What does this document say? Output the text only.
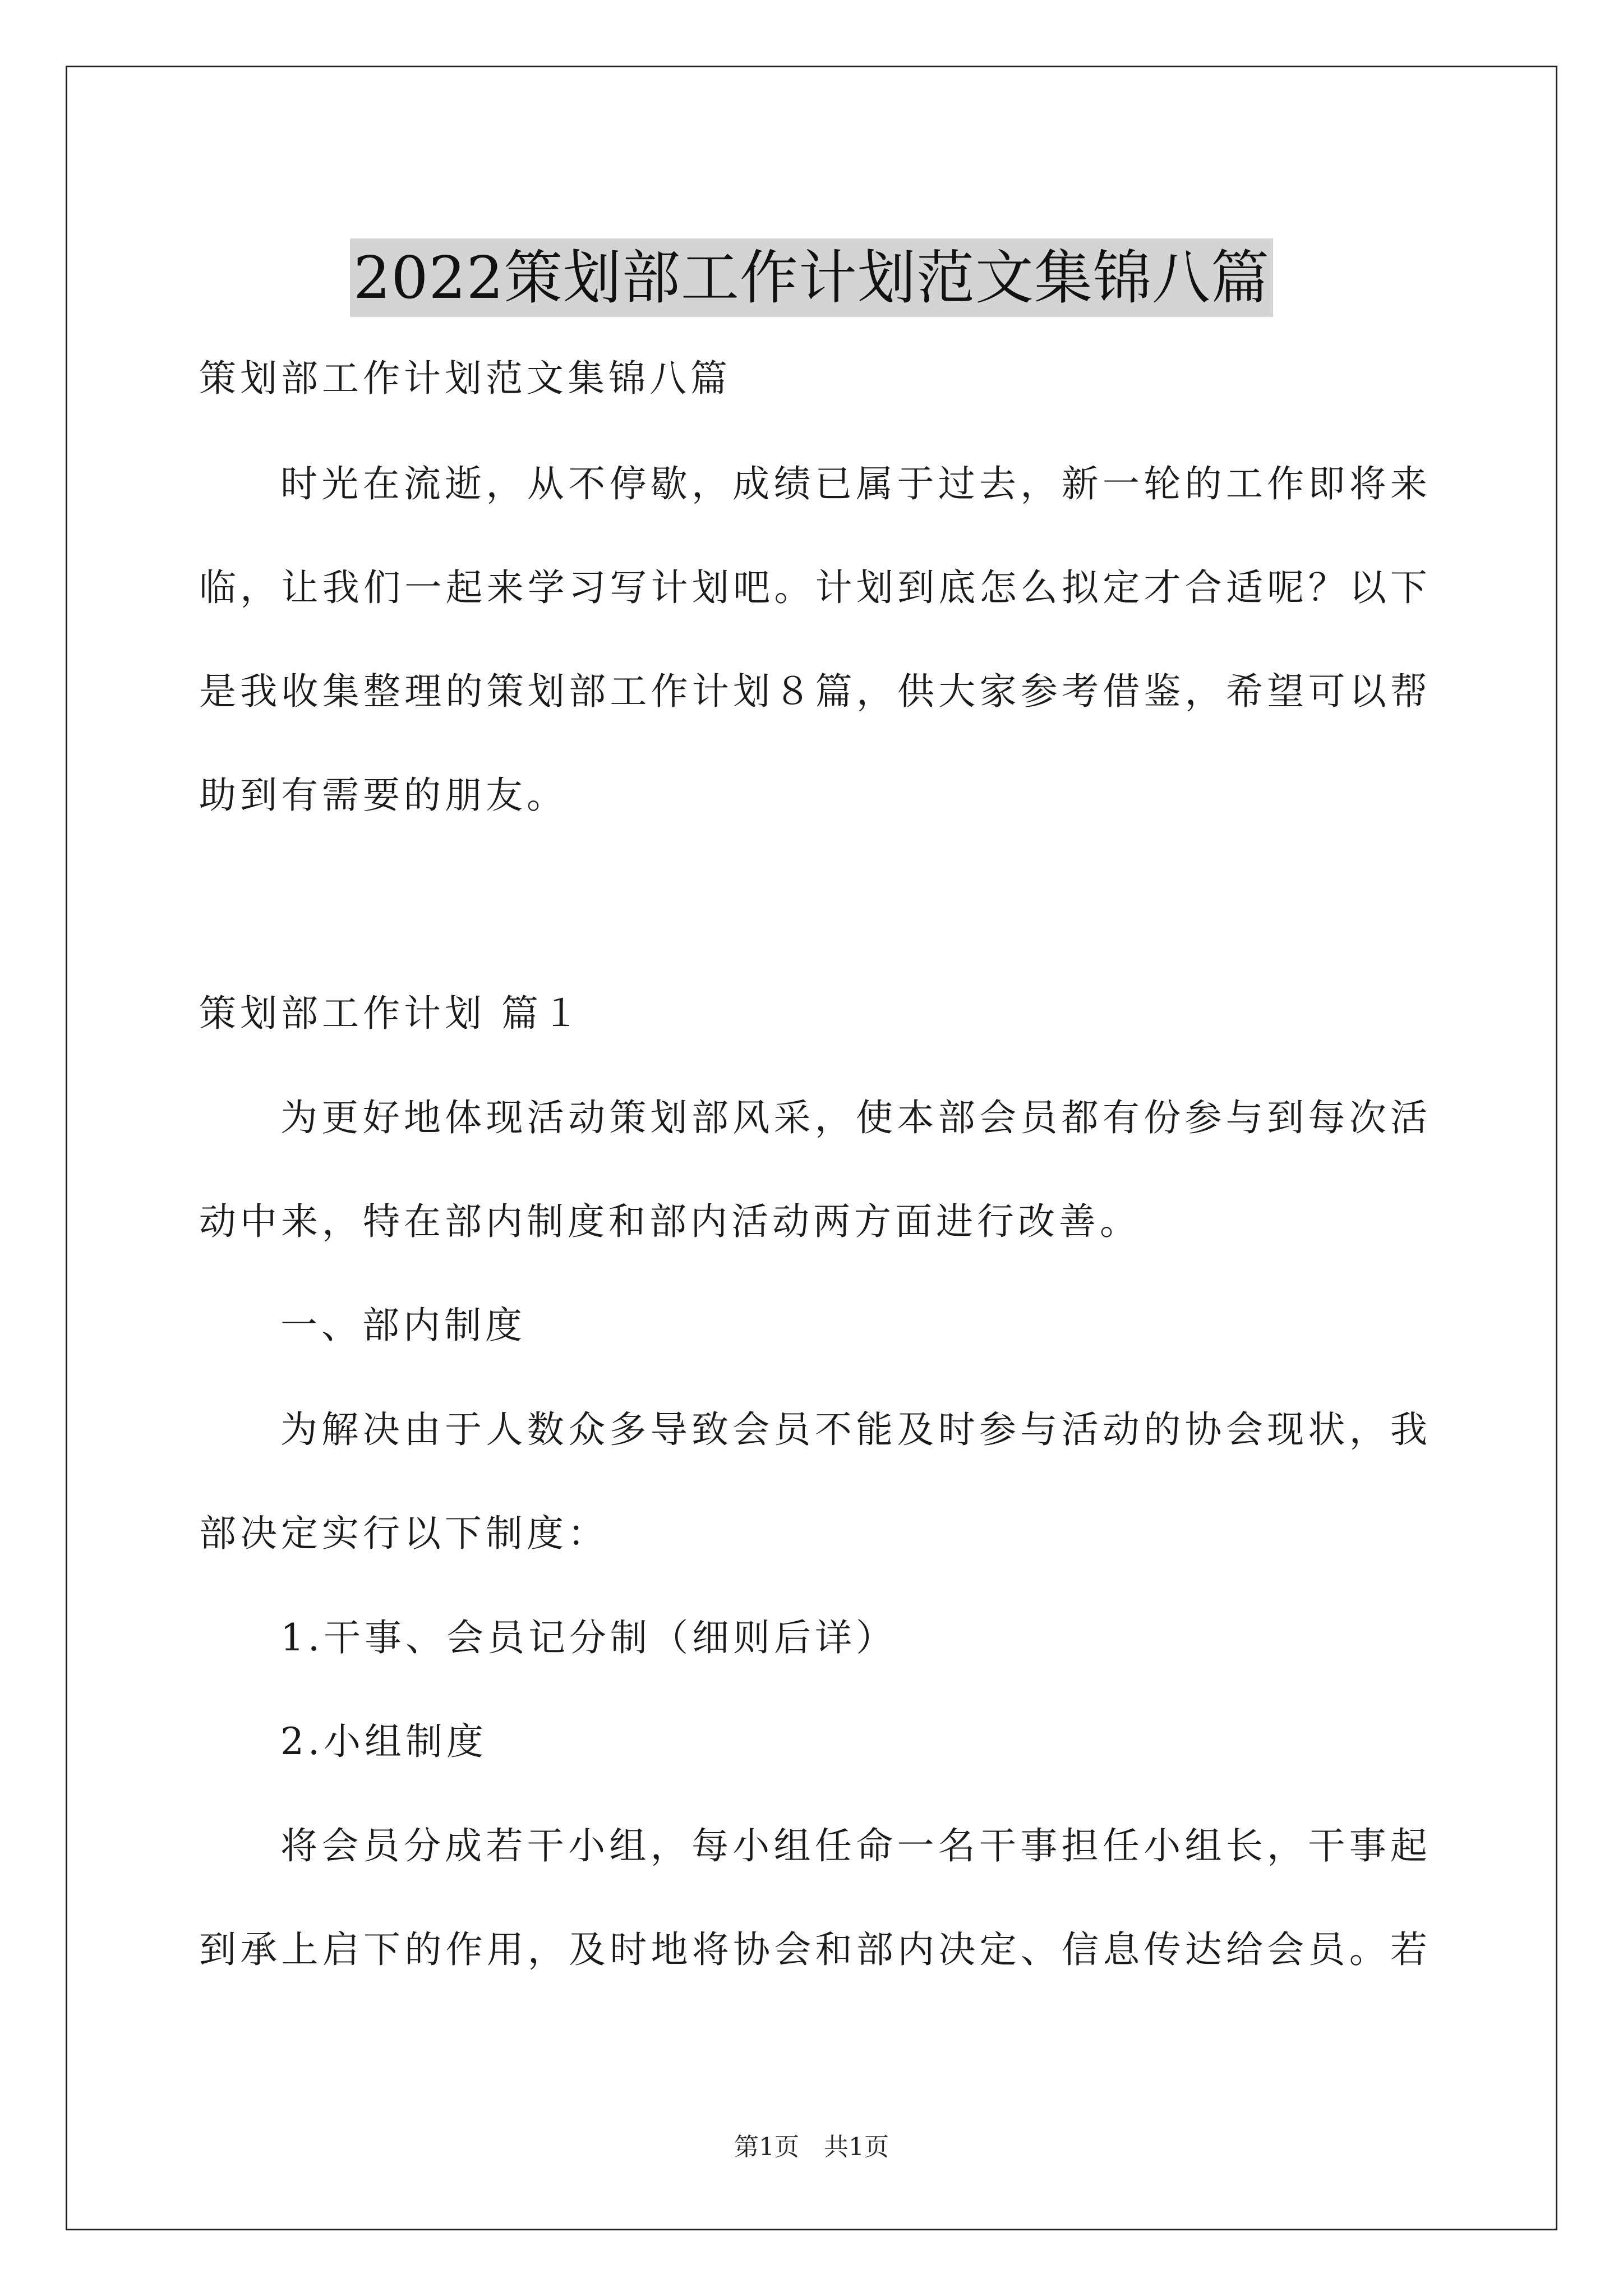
2022策划部工作计划范文集锦八篇
策划部工作计划范文集锦八篇
时光在流逝，从不停歇，成绩已属于过去，新一轮的工作即将来
临，让我们一起来学习写计划吧。计划到底怎么拟定才合适呢？以下
是我收集整理的策划部工作计划８篇，供大家参考借鉴，希望可以帮
助到有需要的朋友。
策划部工作计划 篇１
为更好地体现活动策划部风采，使本部会员都有份参与到每次活
动中来，特在部内制度和部内活动两方面进行改善。
一、部内制度
为解决由于人数众多导致会员不能及时参与活动的协会现状，我
部决定实行以下制度：
1.干事、会员记分制（细则后详）
2.小组制度
将会员分成若干小组，每小组任命一名干事担任小组长，干事起
到承上启下的作用，及时地将协会和部内决定、信息传达给会员。若
第1页　共1页
